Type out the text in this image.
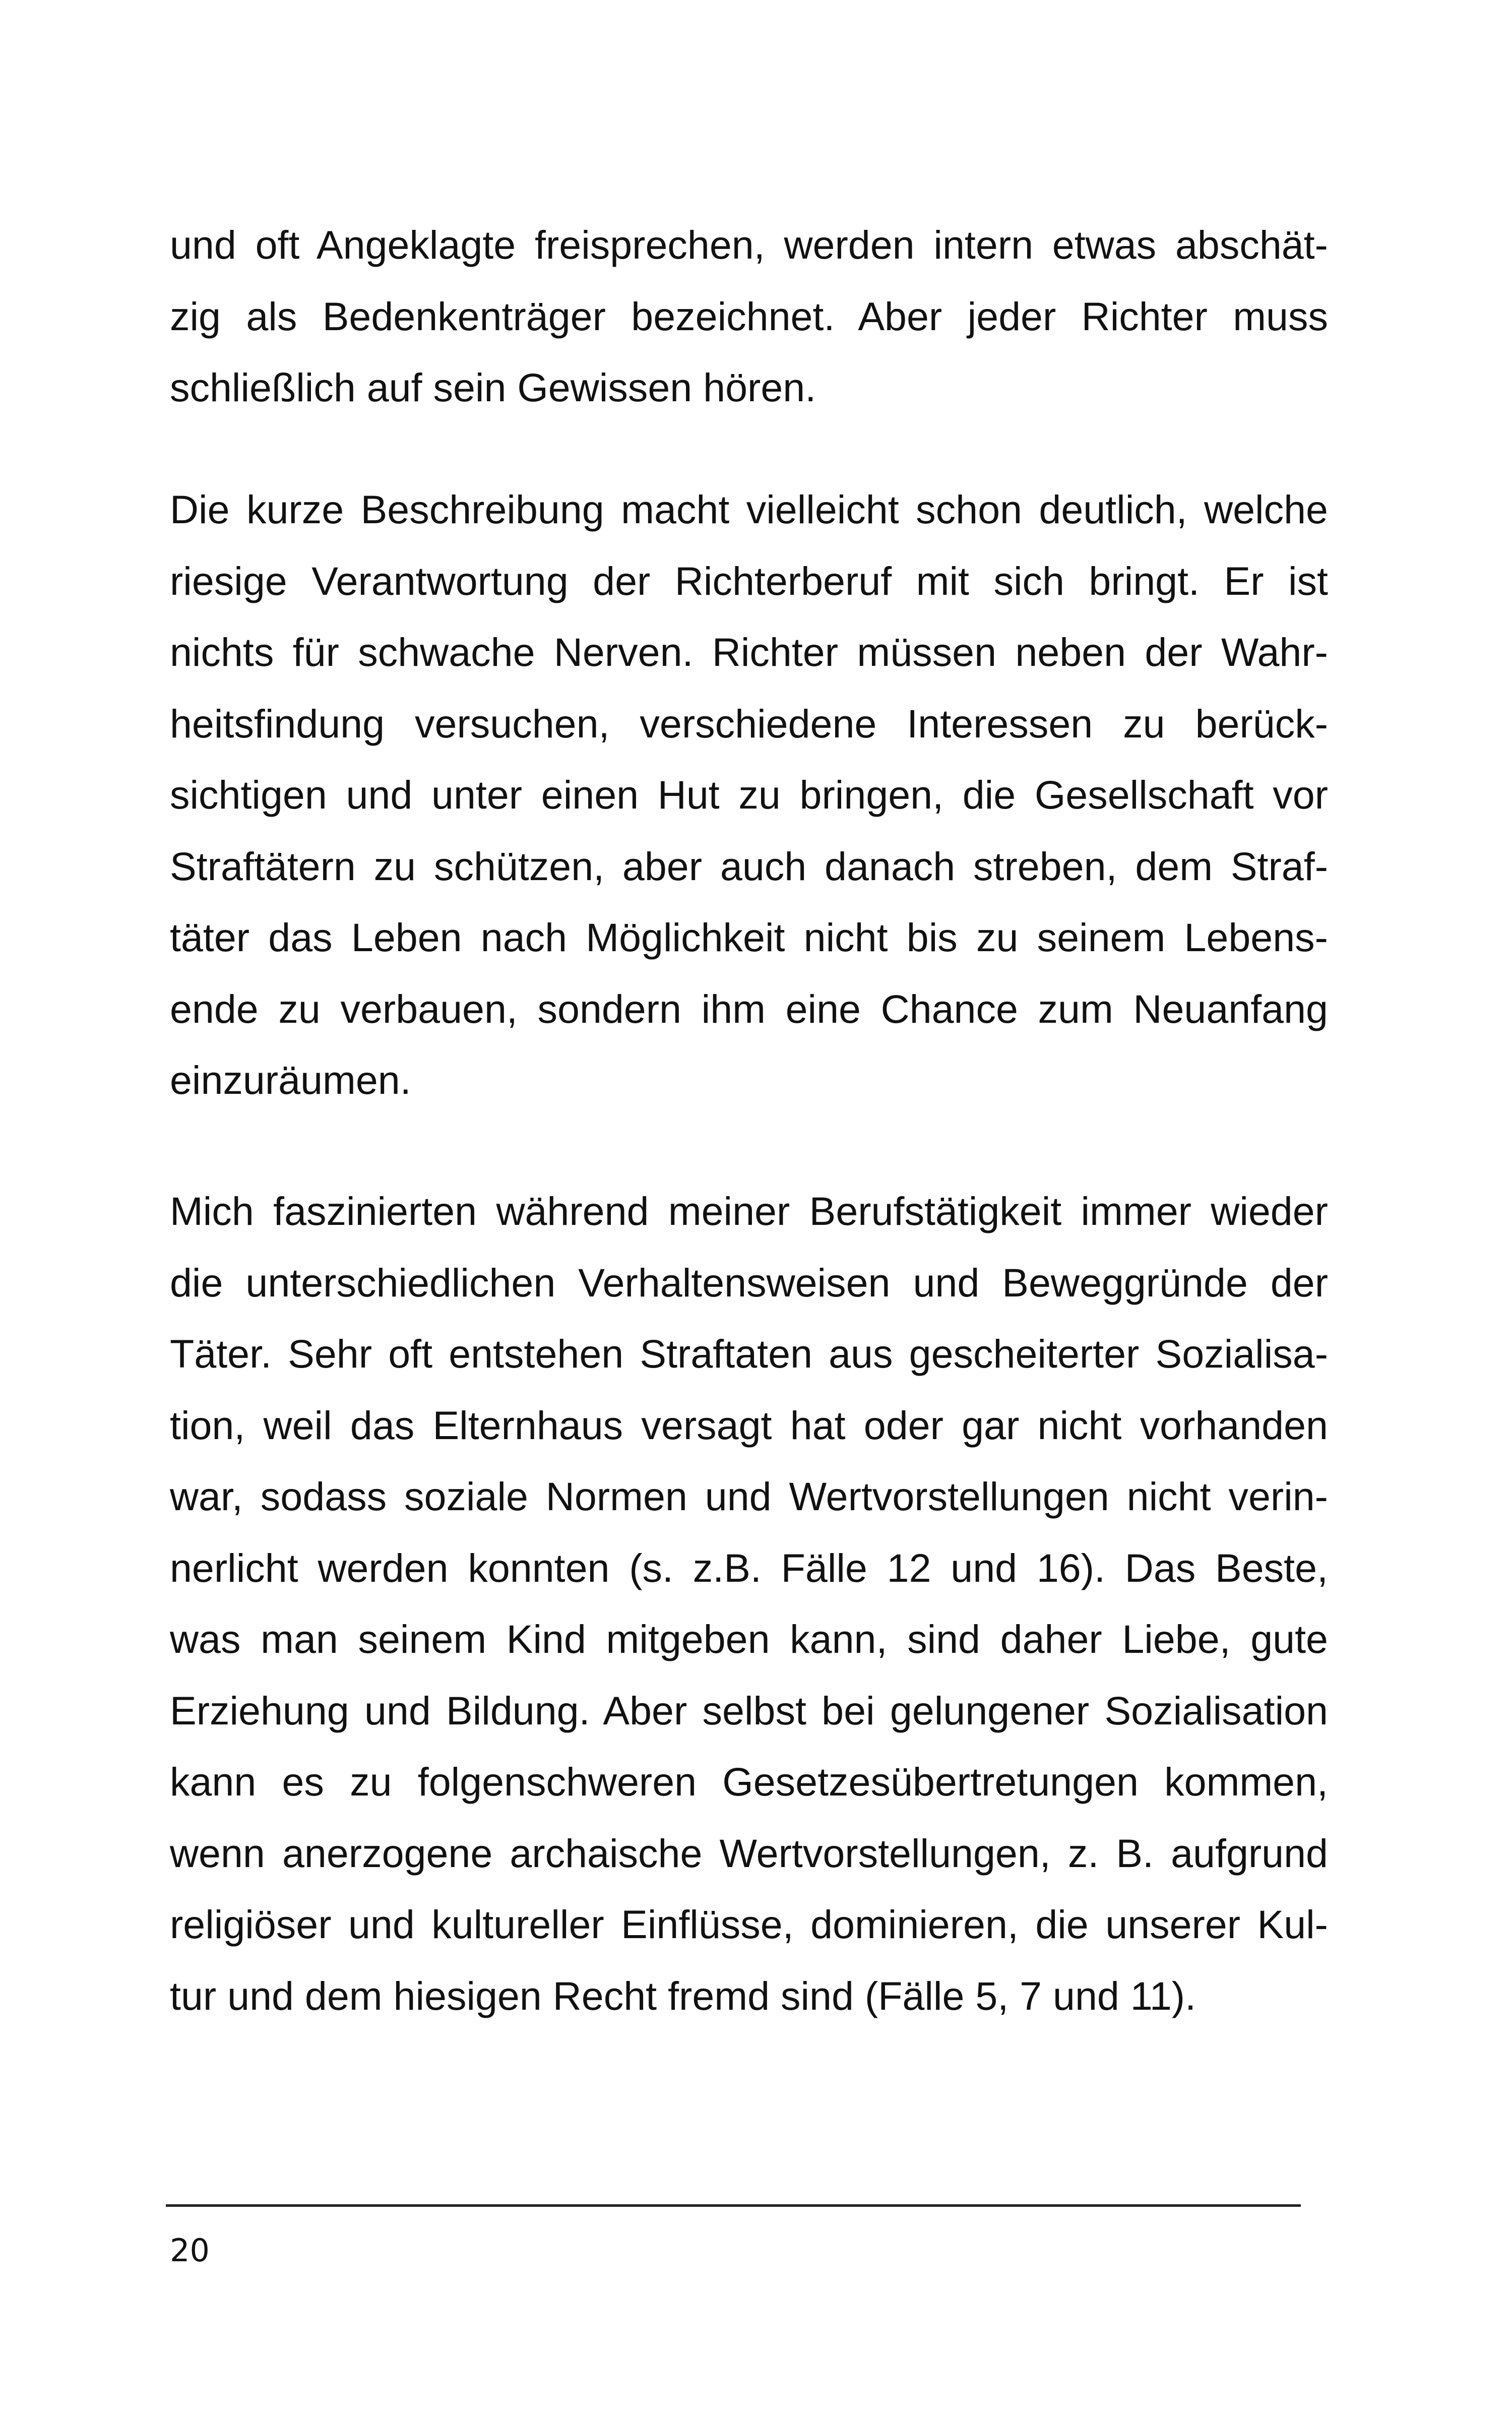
und oft Angeklagte freisprechen, werden intern etwas abschät-
zig als Bedenkenträger bezeichnet. Aber jeder Richter muss
schließlich auf sein Gewissen hören.
Die kurze Beschreibung macht vielleicht schon deutlich, welche
riesige Verantwortung der Richterberuf mit sich bringt. Er ist
nichts für schwache Nerven. Richter müssen neben der Wahr-
heitsfindung versuchen, verschiedene Interessen zu berück-
sichtigen und unter einen Hut zu bringen, die Gesellschaft vor
Straftätern zu schützen, aber auch danach streben, dem Straf-
täter das Leben nach Möglichkeit nicht bis zu seinem Lebens-
ende zu verbauen, sondern ihm eine Chance zum Neuanfang
einzuräumen.
Mich faszinierten während meiner Berufstätigkeit immer wieder
die unterschiedlichen Verhaltensweisen und Beweggründe der
Täter. Sehr oft entstehen Straftaten aus gescheiterter Sozialisa-
tion, weil das Elternhaus versagt hat oder gar nicht vorhanden
war, sodass soziale Normen und Wertvorstellungen nicht verin-
nerlicht werden konnten (s. z.B. Fälle 12 und 16). Das Beste,
was man seinem Kind mitgeben kann, sind daher Liebe, gute
Erziehung und Bildung. Aber selbst bei gelungener Sozialisation
kann es zu folgenschweren Gesetzesübertretungen kommen,
wenn anerzogene archaische Wertvorstellungen, z. B. aufgrund
religiöser und kultureller Einflüsse, dominieren, die unserer Kul-
tur und dem hiesigen Recht fremd sind (Fälle 5, 7 und 11).
20
